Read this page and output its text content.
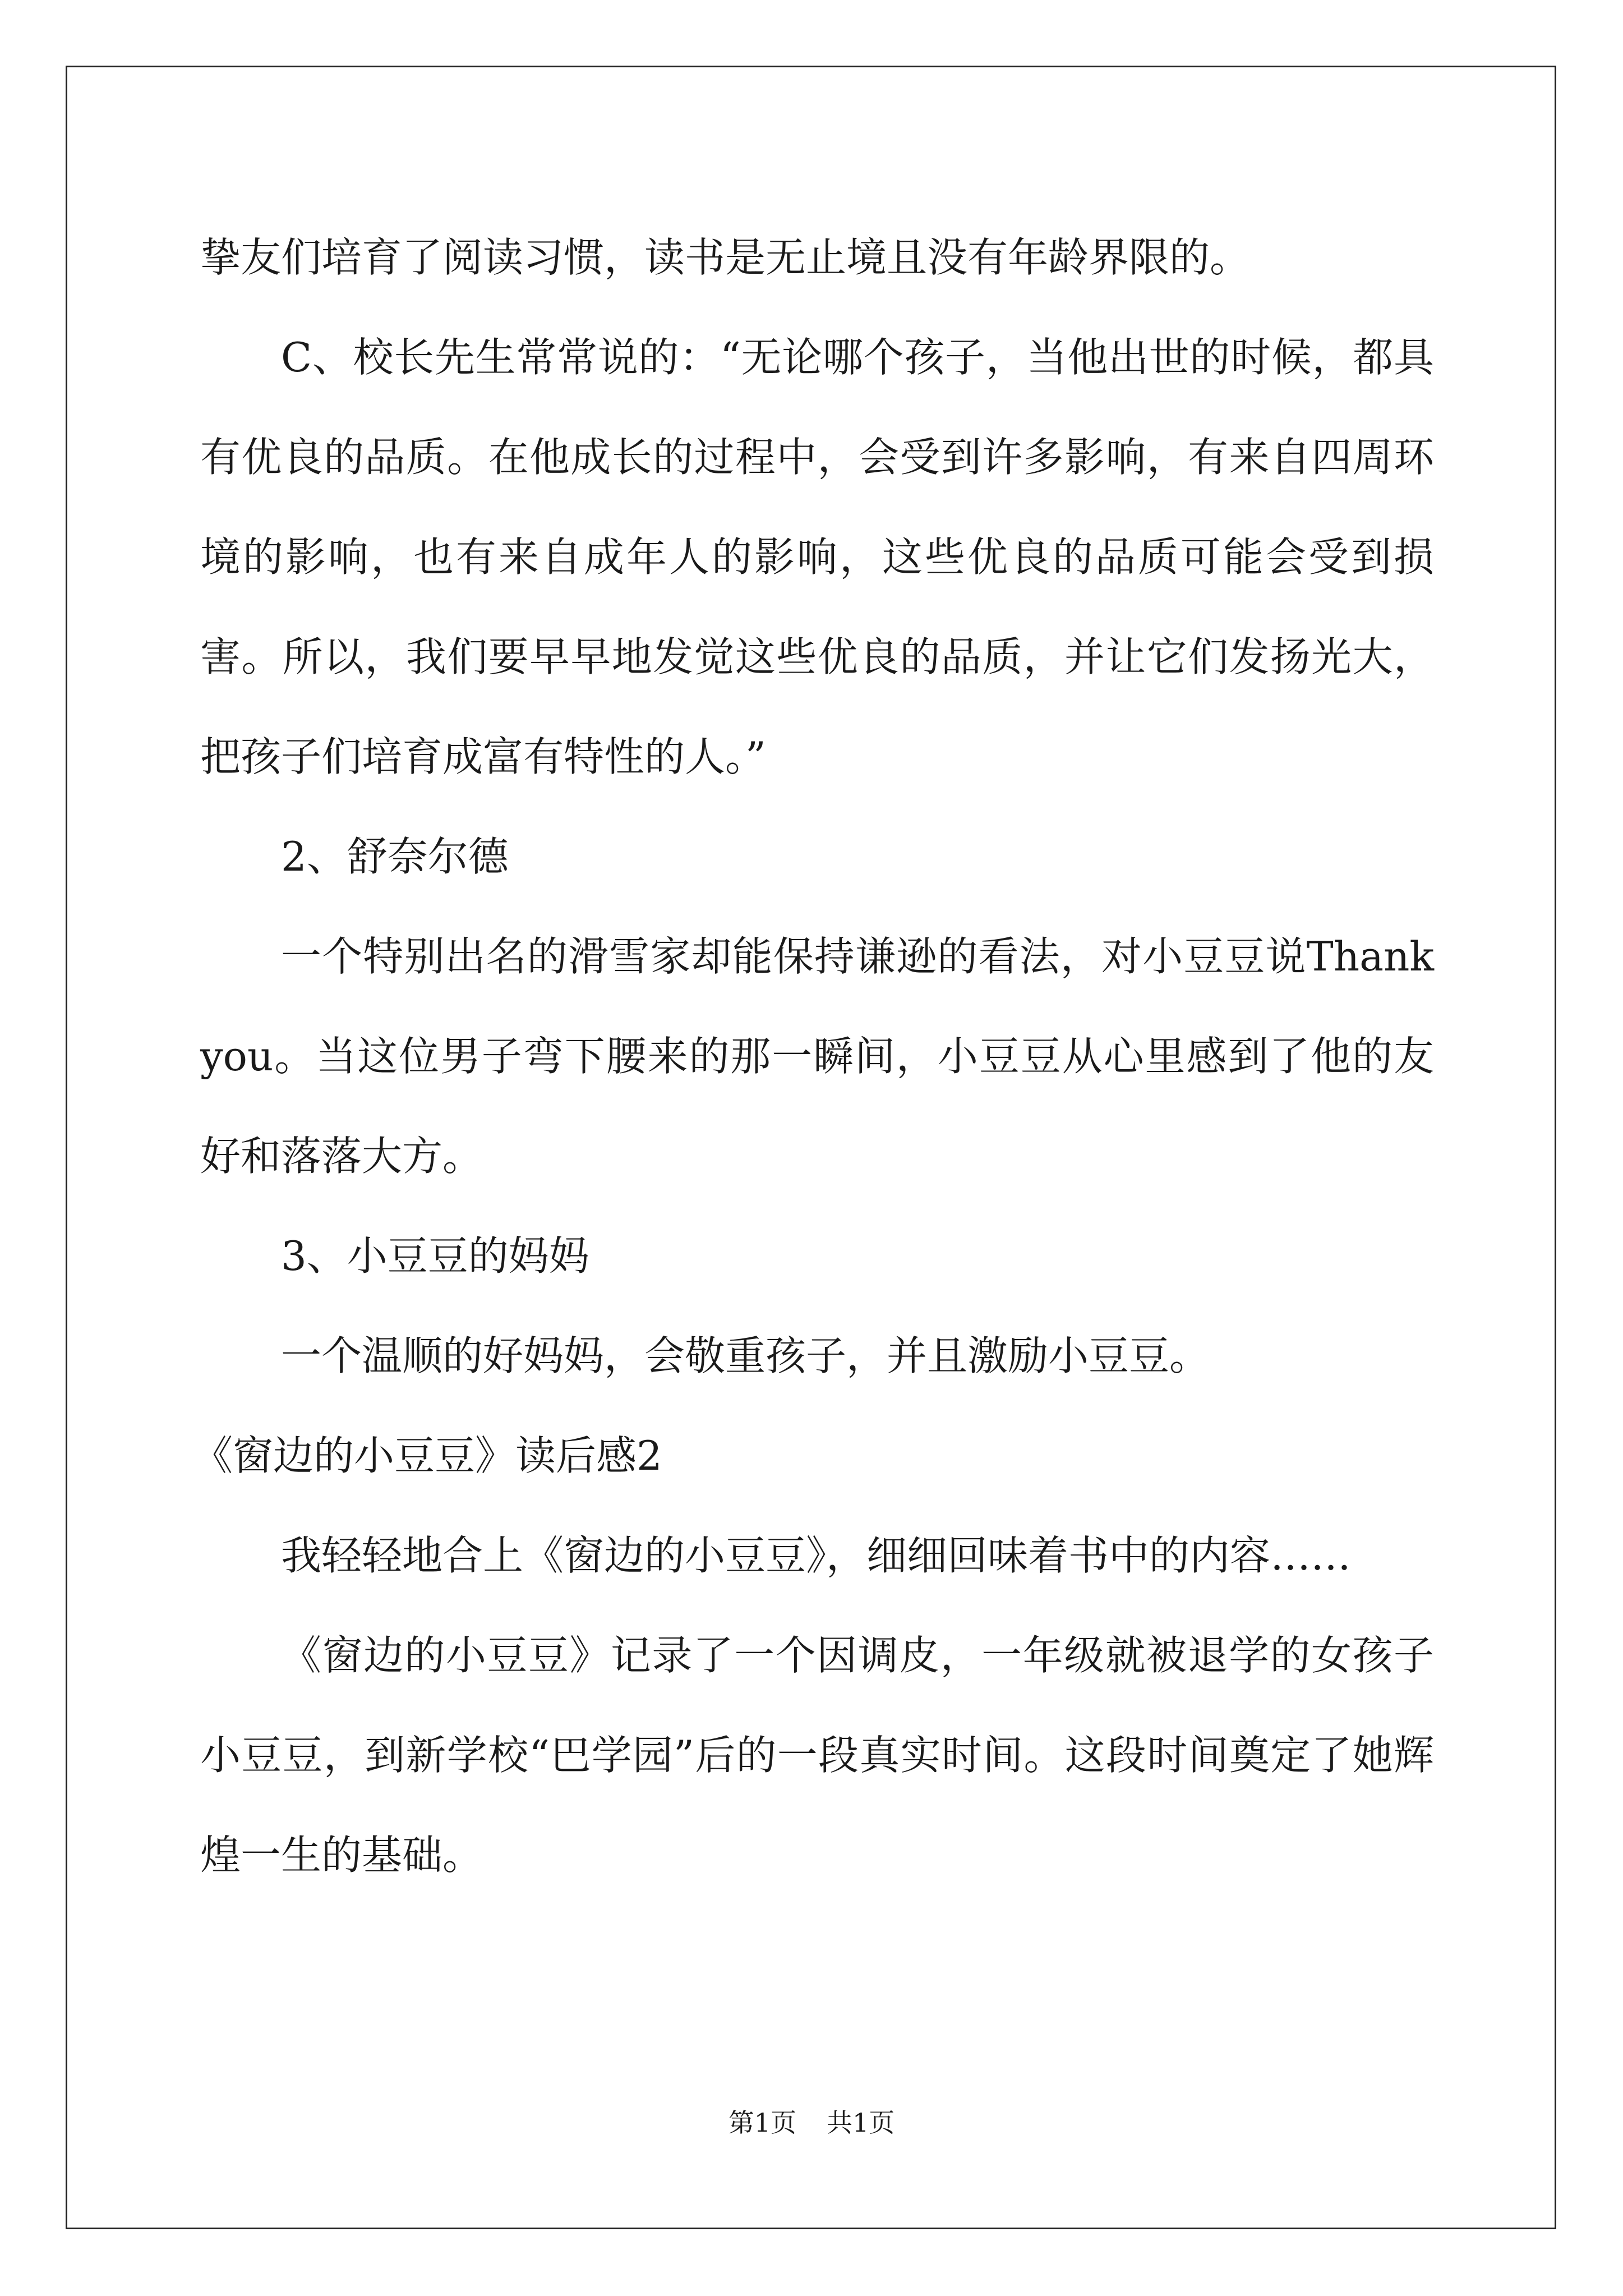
挚友们培育了阅读习惯，读书是无止境且没有年龄界限的。

C、校长先生常常说的：“无论哪个孩子，当他出世的时候，都具有优良的品质。在他成长的过程中，会受到许多影响，有来自四周环境的影响，也有来自成年人的影响，这些优良的品质可能会受到损害。所以，我们要早早地发觉这些优良的品质，并让它们发扬光大，把孩子们培育成富有特性的人。”

2、舒奈尔德

一个特别出名的滑雪家却能保持谦逊的看法，对小豆豆说Thank you。当这位男子弯下腰来的那一瞬间，小豆豆从心里感到了他的友好和落落大方。

3、小豆豆的妈妈

一个温顺的好妈妈，会敬重孩子，并且激励小豆豆。

《窗边的小豆豆》读后感2

我轻轻地合上《窗边的小豆豆》，细细回味着书中的内容……

《窗边的小豆豆》记录了一个因调皮，一年级就被退学的女孩子小豆豆，到新学校“巴学园”后的一段真实时间。这段时间奠定了她辉煌一生的基础。

第1页 共1页
